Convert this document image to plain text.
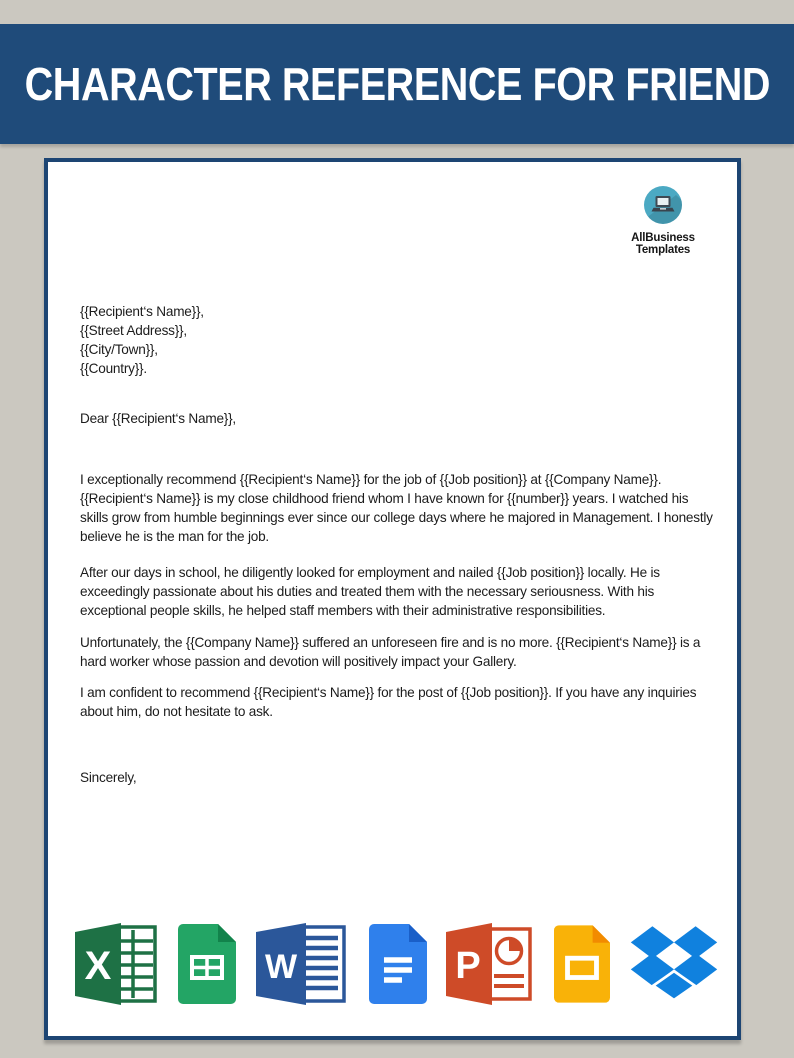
CHARACTER REFERENCE FOR FRIEND
AllBusiness
Templates
{{Recipient‘s Name}},
{{Street Address}},
{{City/Town}},
{{Country}}.
Dear {{Recipient‘s Name}},

I exceptionally recommend {{Recipient‘s Name}} for the job of {{Job position}} at {{Company Name}}. {{Recipient‘s Name}} is my close childhood friend whom I have known for {{number}} years. I watched his skills grow from humble beginnings ever since our college days where he majored in Management. I honestly believe he is the man for the job.

After our days in school, he diligently looked for employment and nailed {{Job position}} locally. He is exceedingly passionate about his duties and treated them with the necessary seriousness. With his exceptional people skills, he helped staff members with their administrative responsibilities.

Unfortunately, the {{Company Name}} suffered an unforeseen fire and is no more. {{Recipient‘s Name}} is a hard worker whose passion and devotion will positively impact your Gallery.

I am confident to recommend {{Recipient‘s Name}} for the post of {{Job position}}. If you have any inquiries about him, do not hesitate to ask.

Sincerely,
X	W	P
